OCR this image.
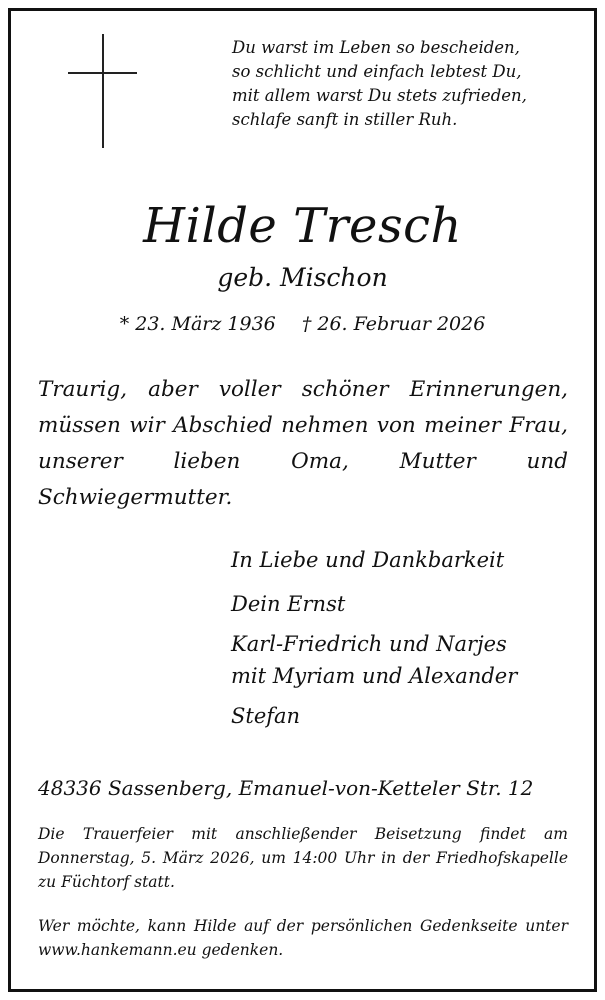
Du warst im Leben so bescheiden,
so schlicht und einfach lebtest Du,
mit allem warst Du stets zufrieden,
schlafe sanft in stiller Ruh.
Hilde Tresch
geb. Mischon
* 23. März 1936 † 26. Februar 2026
Traurig, aber voller schöner Erinnerungen, müssen wir Abschied nehmen von meiner Frau, unserer lieben Oma, Mutter und Schwiegermutter.
In Liebe und Dankbarkeit
Dein Ernst
Karl-Friedrich und Narjes
mit Myriam und Alexander
Stefan
48336 Sassenberg, Emanuel-von-Ketteler Str. 12
Die Trauerfeier mit anschließender Beisetzung findet am Donnerstag, 5. März 2026, um 14:00 Uhr in der Friedhofskapelle zu Füchtorf statt.
Wer möchte, kann Hilde auf der persönlichen Gedenkseite unter www.hankemann.eu gedenken.
